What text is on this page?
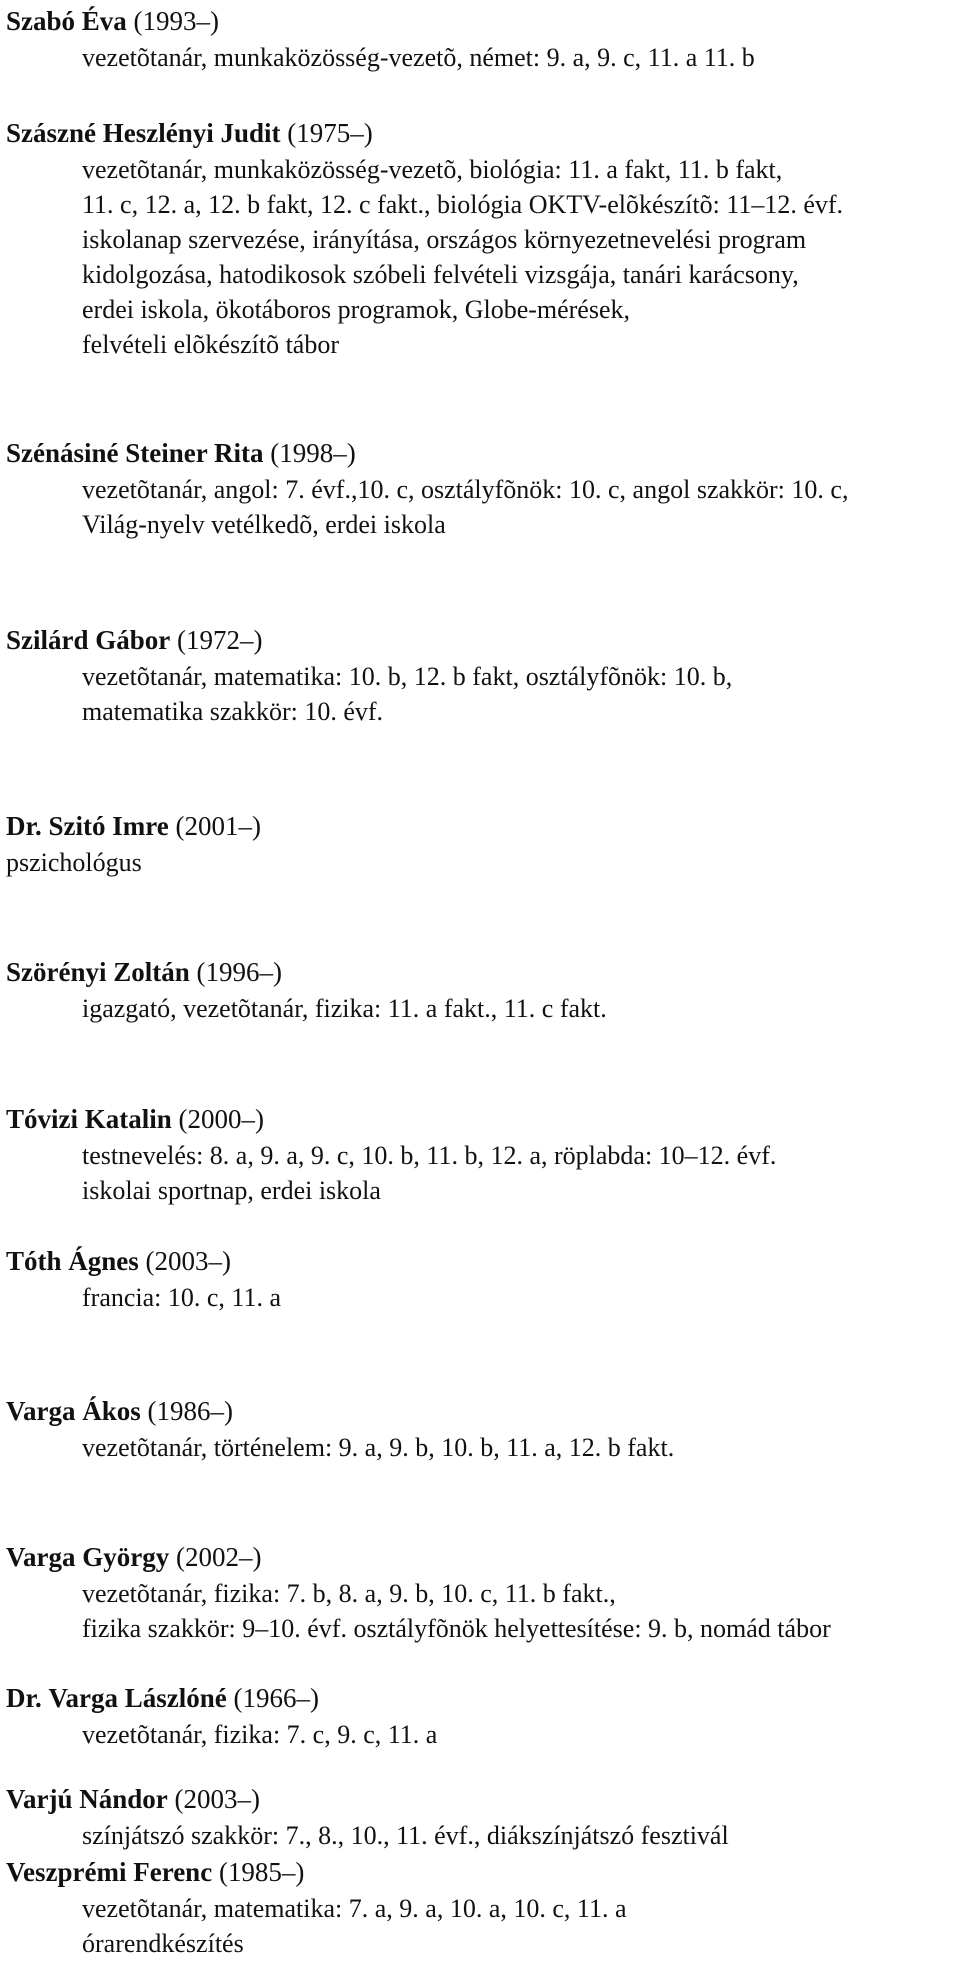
Szabó Éva (1993–)
vezetõtanár, munkaközösség-vezetõ, német: 9. a, 9. c, 11. a 11. b
Szászné Heszlényi Judit (1975–)
vezetõtanár, munkaközösség-vezetõ, biológia: 11. a fakt, 11. b fakt,
11. c, 12. a, 12. b fakt, 12. c fakt., biológia OKTV-elõkészítõ: 11–12. évf.
iskolanap szervezése, irányítása, országos környezetnevelési program
kidolgozása, hatodikosok szóbeli felvételi vizsgája, tanári karácsony,
erdei iskola, ökotáboros programok, Globe-mérések,
felvételi elõkészítõ tábor
Szénásiné Steiner Rita (1998–)
vezetõtanár, angol: 7. évf.,10. c, osztályfõnök: 10. c, angol szakkör: 10. c,
Világ-nyelv vetélkedõ, erdei iskola
Szilárd Gábor (1972–)
vezetõtanár, matematika: 10. b, 12. b fakt, osztályfõnök: 10. b,
matematika szakkör: 10. évf.
Dr. Szitó Imre (2001–)
pszichológus
Szörényi Zoltán (1996–)
igazgató, vezetõtanár, fizika: 11. a fakt., 11. c fakt.
Tóvizi Katalin (2000–)
testnevelés: 8. a, 9. a, 9. c, 10. b, 11. b, 12. a, röplabda: 10–12. évf.
iskolai sportnap, erdei iskola
Tóth Ágnes (2003–)
francia: 10. c, 11. a
Varga Ákos (1986–)
vezetõtanár, történelem: 9. a, 9. b, 10. b, 11. a, 12. b fakt.
Varga György (2002–)
vezetõtanár, fizika: 7. b, 8. a, 9. b, 10. c, 11. b fakt.,
fizika szakkör: 9–10. évf. osztályfõnök helyettesítése: 9. b, nomád tábor
Dr. Varga Lászlóné (1966–)
vezetõtanár, fizika: 7. c, 9. c, 11. a
Varjú Nándor (2003–)
színjátszó szakkör: 7., 8., 10., 11. évf., diákszínjátszó fesztivál
Veszprémi Ferenc (1985–)
vezetõtanár, matematika: 7. a, 9. a, 10. a, 10. c, 11. a
órarendkészítés
